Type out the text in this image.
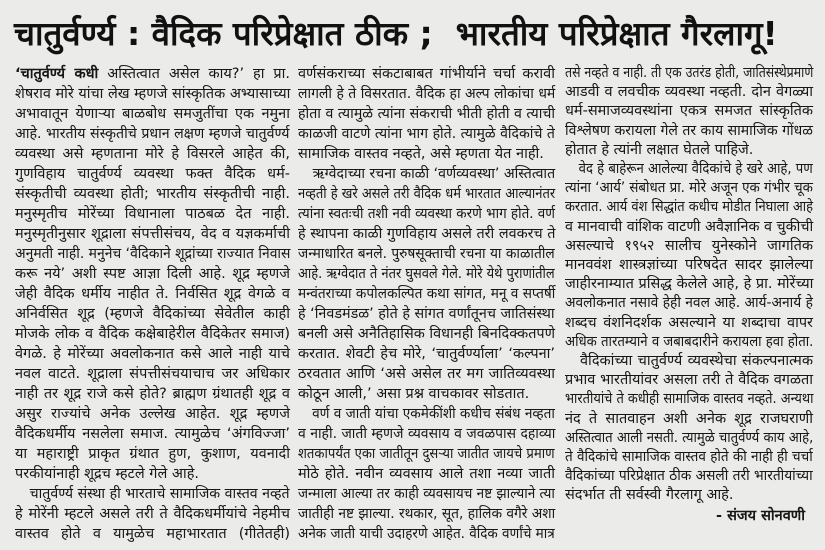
चातुर्वर्ण्य : वैदिक परिप्रेक्षात ठीक ;  भारतीय परिप्रेक्षात गैरलागू!
‘चातुर्वर्ण्य कधी अस्तित्वात असेल काय?’ हा प्रा.
शेषराव मोरे यांचा लेख म्हणजे सांस्कृतिक अभ्यासाच्या
अभावातून येणाऱ्या बाळबोध समजुतींचा एक नमुना
आहे. भारतीय संस्कृतीचे प्रधान लक्षण म्हणजे चातुर्वर्ण्य
व्यवस्था असे म्हणताना मोरे हे विसरले आहेत की,
गुणविहाय चातुर्वर्ण्य व्यवस्था फक्त वैदिक धर्म-
संस्कृतीची व्यवस्था होती; भारतीय संस्कृतीची नाही.
मनुस्मृतीच मोरेंच्या विधानाला पाठबळ देत नाही.
मनुस्मृतीनुसार शूद्राला संपत्तीसंचय, वेद व यज्ञकर्माची
अनुमती नाही. मनुनेच ‘वैदिकाने शूद्रांच्या राज्यात निवास
करू नये’ अशी स्पष्ट आज्ञा दिली आहे. शूद्र म्हणजे
जेही वैदिक धर्मीय नाहीत ते. निर्वसित शूद्र वेगळे व
अनिर्वसित शूद्र (म्हणजे वैदिकांच्या सेवेतील काही
मोजके लोक व वैदिक कक्षेबाहेरील वैदिकेतर समाज)
वेगळे. हे मोरेंच्या अवलोकनात कसे आले नाही याचे
नवल वाटते. शूद्राला संपत्तीसंचयाचाच जर अधिकार
नाही तर शूद्र राजे कसे होते? ब्राह्मण ग्रंथातही शूद्र व
असुर राज्यांचे अनेक उल्लेख आहेत. शूद्र म्हणजे
वैदिकधर्मीय नसलेला समाज. त्यामुळेच ‘अंगविज्जा’
या महाराष्ट्री प्राकृत ग्रंथात हुण, कुशाण, यवनादी
परकीयांनाही शूद्रच म्हटले गेले आहे.
चातुर्वर्ण्य संस्था ही भारताचे सामाजिक वास्तव नव्हते
हे मोरेंनी म्हटले असले तरी ते वैदिकधर्मीयांचे नेहमीच
वास्तव होते व यामुळेच महाभारतात (गीतेतही)
वर्णसंकराच्या संकटाबाबत गांभीर्याने चर्चा करावी
लागली हे ते विसरतात. वैदिक हा अल्प लोकांचा धर्म
होता व त्यामुळे त्यांना संकराची भीती होती व त्याची
काळजी वाटणे त्यांना भाग होते. त्यामुळे वैदिकांचे ते
सामाजिक वास्तव नव्हते, असे म्हणता येत नाही.
ऋग्वेदाच्या रचना काळी ‘वर्णव्यवस्था’ अस्तित्वात
नव्हती हे खरे असले तरी वैदिक धर्म भारतात आल्यानंतर
त्यांना स्वतःची तशी नवी व्यवस्था करणे भाग होते. वर्ण
हे स्थापना काळी गुणविहाय असले तरी लवकरच ते
जन्माधारित बनले. पुरुषसूक्ताची रचना या काळातील
आहे. ऋग्वेदात ते नंतर घुसवले गेले. मोरे येथे पुराणांतील
मन्वंतराच्या कपोलकल्पित कथा सांगत, मनू व सप्तर्षी
हे ‘निवडमंडळ’ होते हे सांगत वर्णांतूनच जातिसंस्था
बनली असे अनैतिहासिक विधानही बिनदिक्कतपणे
करतात. शेवटी हेच मोरे, ‘चातुर्वर्ण्याला’ ‘कल्पना’
ठरवतात आणि ‘असे असेल तर मग जातिव्यवस्था
कोठून आली,’ असा प्रश्न वाचकावर सोडतात.
वर्ण व जाती यांचा एकमेकींशी कधीच संबंध नव्हता
व नाही. जाती म्हणजे व्यवसाय व जवळपास दहाव्या
शतकापर्यंत एका जातीतून दुसऱ्या जातीत जायचे प्रमाण
मोठे होते. नवीन व्यवसाय आले तशा नव्या जाती
जन्माला आल्या तर काही व्यवसायच नष्ट झाल्याने त्या
जातीही नष्ट झाल्या. रथकार, सूत, हालिक वगैरे अशा
अनेक जाती याची उदाहरणे आहेत. वैदिक वर्णांचे मात्र
तसे नव्हते व नाही. ती एक उतरंड होती, जातिसंस्थेप्रमाणे
आडवी व लवचीक व्यवस्था नव्हती. दोन वेगळ्या
धर्म-समाजव्यवस्थांना एकत्र समजत सांस्कृतिक
विश्लेषण करायला गेले तर काय सामाजिक गोंधळ
होतात हे त्यांनी लक्षात घेतले पाहिजे.
वेद हे बाहेरून आलेल्या वैदिकांचे हे खरे आहे, पण
त्यांना ‘आर्य’ संबोधत प्रा. मोरे अजून एक गंभीर चूक
करतात. आर्य वंश सिद्धांत कधीच मोडीत निघाला आहे
व मानवाची वांशिक वाटणी अवैज्ञानिक व चुकीची
असल्याचे १९५२ सालीच युनेस्कोने जागतिक
मानववंश शास्त्रज्ञांच्या परिषदेत सादर झालेल्या
जाहीरनाम्यात प्रसिद्ध केलेले आहे, हे प्रा. मोरेंच्या
अवलोकनात नसावे हेही नवल आहे. आर्य-अनार्य हे
शब्दच वंशनिदर्शक असल्याने या शब्दाचा वापर
अधिक तारतम्याने व जबाबदारीने करायला हवा होता.
वैदिकांच्या चातुर्वर्ण्य व्यवस्थेचा संकल्पनात्मक
प्रभाव भारतीयांवर असला तरी ते वैदिक वगळता
भारतीयांचे ते कधीही सामाजिक वास्तव नव्हते. अन्यथा
नंद ते सातवाहन अशी अनेक शूद्र राजघराणी
अस्तित्वात आली नसती. त्यामुळे चातुर्वर्ण्य काय आहे,
ते वैदिकांचे सामाजिक वास्तव होते की नाही ही चर्चा
वैदिकांच्या परिप्रेक्षात ठीक असली तरी भारतीयांच्या
संदर्भात ती सर्वस्वी गैरलागू आहे.
- संजय सोनवणी
